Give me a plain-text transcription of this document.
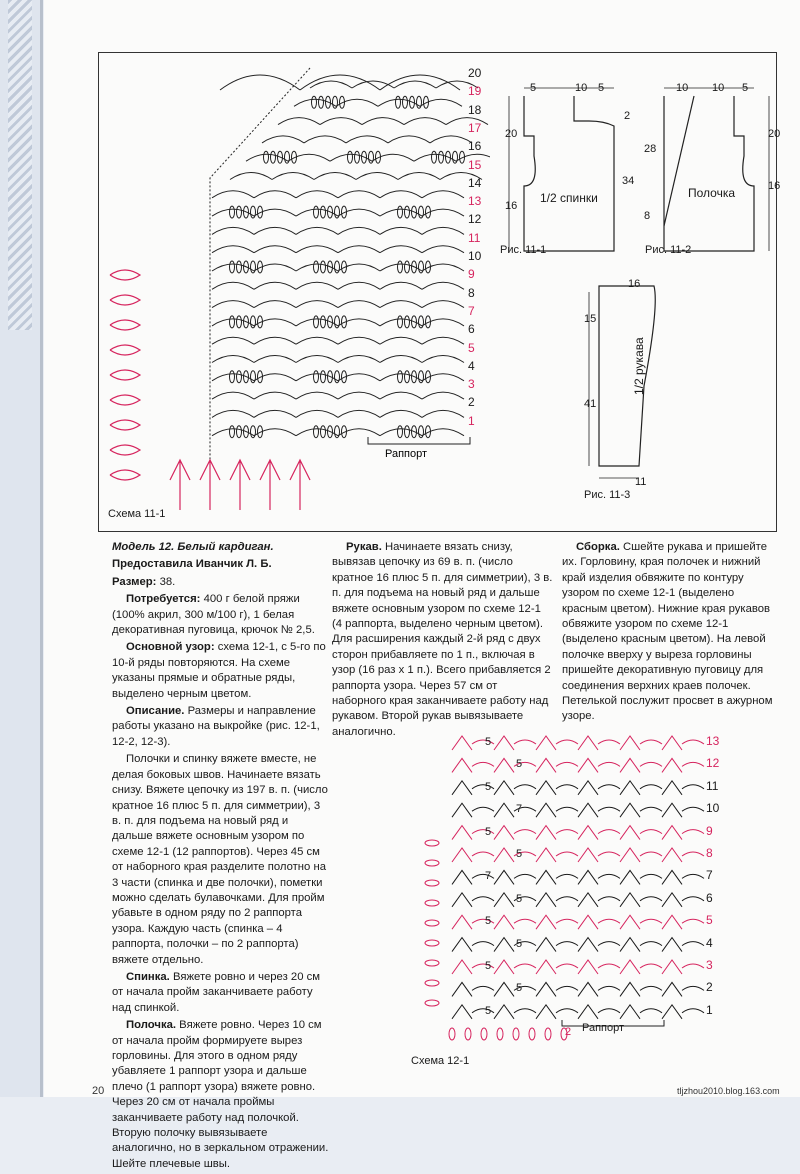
Раппорт
20
19
18
17
16
15
14
13
12
11
10
9
8
7
6
5
4
3
2
1
Схема 11-1
1/2 спинки
Рис. 11-1
Полочка
Рис. 11-2
1/2 рукава
Рис. 11-3
5	10 5
2
20
16
34
10 10 5
28
20
16
8
16
15
41
11

Модель 12. Белый кардиган.

Предоставила Иванчик Л. Б.

Размер: 38.

Потребуется: 400 г белой пряжи (100% акрил, 300 м/100 г), 1 белая декоративная пуговица, крючок № 2,5.

Основной узор: схема 12-1, с 5-го по 10-й ряды повторяются. На схеме указаны прямые и обратные ряды, выделено черным цветом.

Описание. Размеры и направление работы указано на выкройке (рис. 12-1, 12-2, 12-3).

Полочки и спинку вяжете вместе, не делая боковых швов. Начинаете вязать снизу. Вяжете цепочку из 197 в. п. (число кратное 16 плюс 5 п. для симметрии), 3 в. п. для подъема на новый ряд и дальше вяжете основным узором по схеме 12-1 (12 раппортов). Через 45 см от наборного края разделите полотно на 3 части (спинка и две полочки), пометки можно сделать булавочками. Для пройм убавьте в одном ряду по 2 раппорта узора. Каждую часть (спинка – 4 раппорта, полочки – по 2 раппорта) вяжете отдельно.

Спинка. Вяжете ровно и через 20 см от начала пройм заканчиваете работу над спинкой.

Полочка. Вяжете ровно. Через 10 см от начала пройм формируете вырез горловины. Для этого в одном ряду убавляете 1 раппорт узора и дальше плечо (1 раппорт узора) вяжете ровно. Через 20 см от начала проймы заканчиваете работу над полочкой. Вторую полочку вывязываете аналогично, но в зеркальном отражении. Шейте плечевые швы.

Рукав. Начинаете вязать снизу, вывязав цепочку из 69 в. п. (число кратное 16 плюс 5 п. для симметрии), 3 в. п. для подъема на новый ряд и дальше вяжете основным узором по схеме 12-1 (4 раппорта, выделено черным цветом). Для расширения каждый 2-й ряд с двух сторон прибавляете по 1 п., включая в узор (16 раз х 1 п.). Всего прибавляется 2 раппорта узора. Через 57 см от наборного края заканчиваете работу над рукавом. Второй рукав вывязываете аналогично.

Сборка. Сшейте рукава и пришейте их. Горловину, края полочек и нижний край изделия обвяжите по контуру узором по схеме 12-1 (выделено красным цветом). Нижние края рукавов обвяжите узором по схеме 12-1 (выделено красным цветом). На левой полочке вверху у выреза горловины пришейте декоративную пуговицу для соединения верхних краев полочек. Петелькой послужит просвет в ажурном узоре.

13
12
11
10
9
8
7
6
5
4
3
2
1
5
5
5
7
5
5
7
5
5
5
5
5
5
Раппорт
2
Схема 12-1
20	tljzhou2010.blog.163.com
